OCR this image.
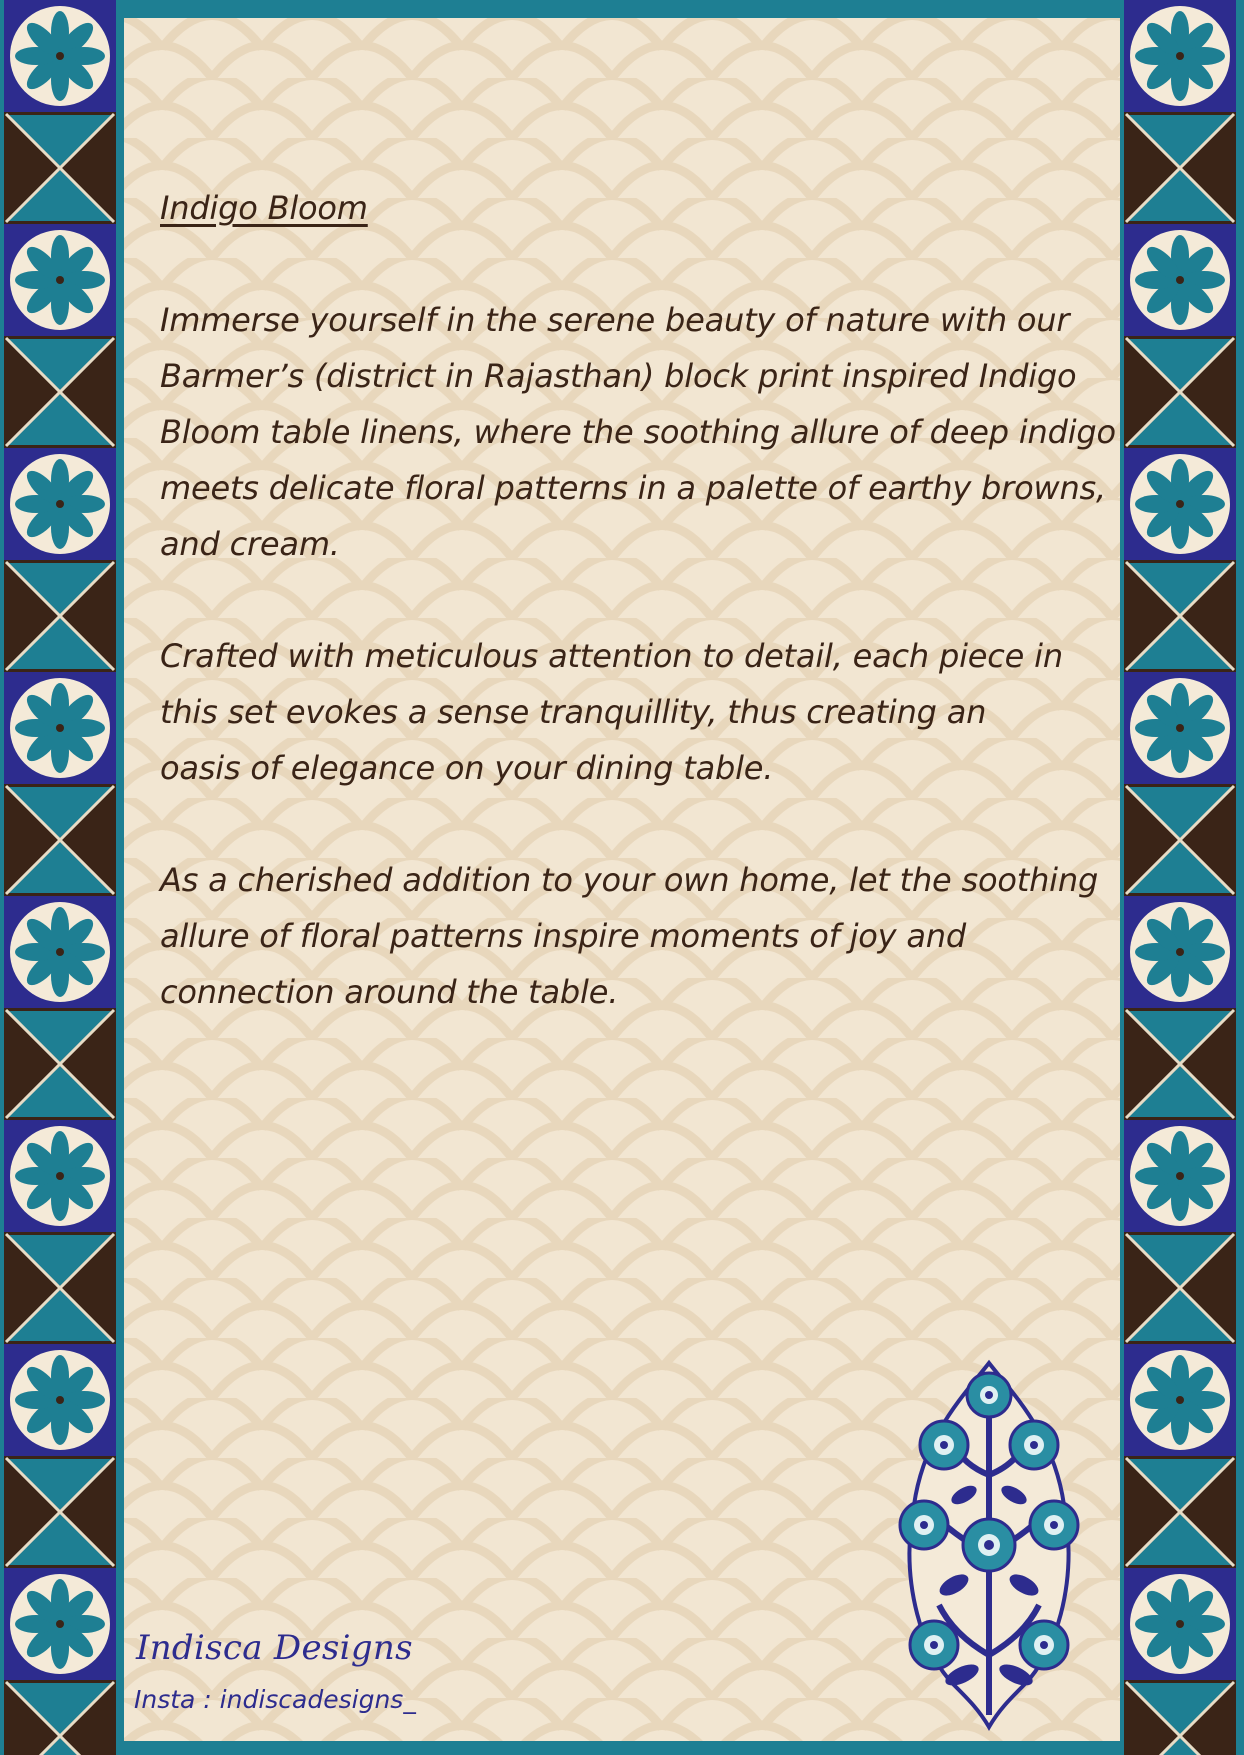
Indigo Bloom

Immerse yourself in the serene beauty of nature with our
Barmer’s (district in Rajasthan) block print inspired Indigo
Bloom table linens, where the soothing allure of deep indigo
meets delicate floral patterns in a palette of earthy browns,
and cream.

Crafted with meticulous attention to detail, each piece in
this set evokes a sense tranquillity, thus creating an
oasis of elegance on your dining table.

As a cherished addition to your own home, let the soothing
allure of floral patterns inspire moments of joy and
connection around the table.

Indisca Designs
Insta : indiscadesigns_
